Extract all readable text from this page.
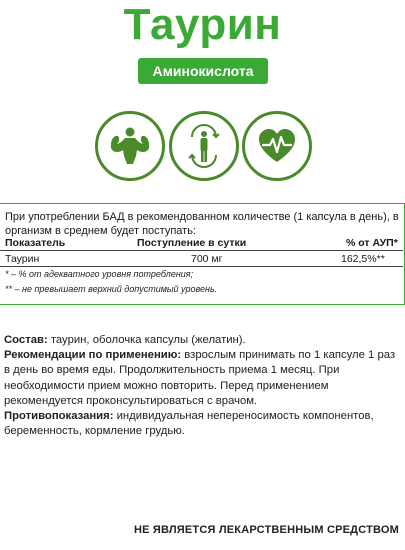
Таурин
Аминокислота
При употреблении БАД в рекомендованном количестве (1 капсула в день), в организм в среднем будет поступать:
Показатель	Поступление в сутки	% от АУП*
Таурин	700 мг	162,5%**
* – % от адекватного уровня потребления;
** – не превышает верхний допустимый уровень.
Состав: таурин, оболочка капсулы (желатин).
Рекомендации по применению: взрослым принимать по 1 капсуле 1 раз в день во время еды. Продолжительность приема 1 месяц. При необходимости прием можно повторить. Перед применением рекомендуется проконсультироваться с врачом.
Противопоказания: индивидуальная непереносимость компонентов, беременность, кормление грудью.
НЕ ЯВЛЯЕТСЯ ЛЕКАРСТВЕННЫМ СРЕДСТВОМ
